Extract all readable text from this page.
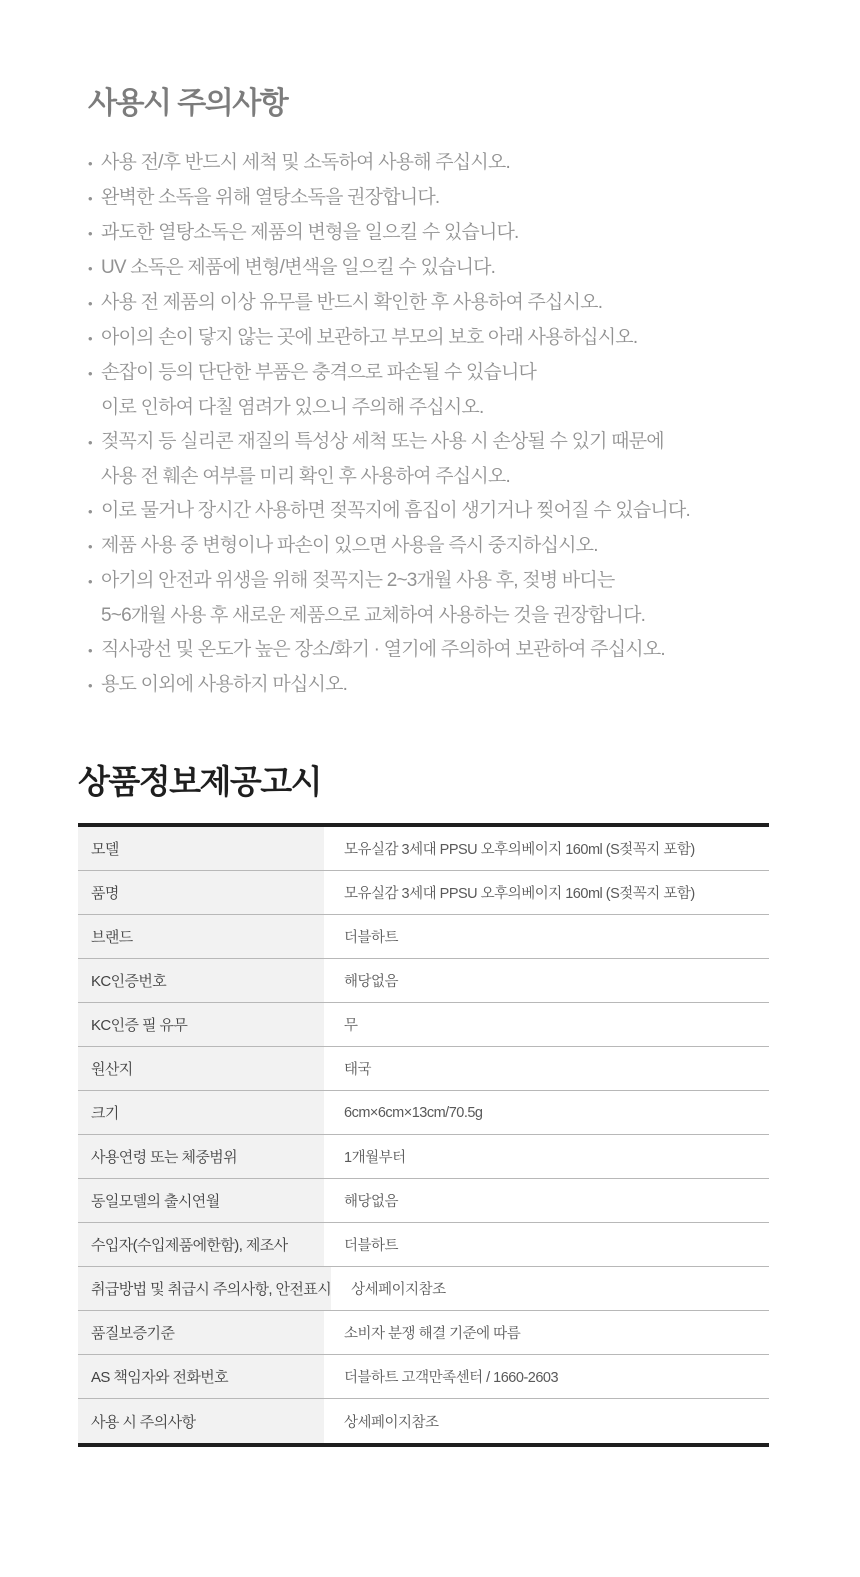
사용시 주의사항
• 사용 전/후 반드시 세척 및 소독하여 사용해 주십시오.
• 완벽한 소독을 위해 열탕소독을 권장합니다.
• 과도한 열탕소독은 제품의 변형을 일으킬 수 있습니다.
• UV 소독은 제품에 변형/변색을 일으킬 수 있습니다.
• 사용 전 제품의 이상 유무를 반드시 확인한 후 사용하여 주십시오.
• 아이의 손이 닿지 않는 곳에 보관하고 부모의 보호 아래 사용하십시오.
• 손잡이 등의 단단한 부품은 충격으로 파손될 수 있습니다
이로 인하여 다칠 염려가 있으니 주의해 주십시오.
• 젖꼭지 등 실리콘 재질의 특성상 세척 또는 사용 시 손상될 수 있기 때문에
사용 전 훼손 여부를 미리 확인 후 사용하여 주십시오.
• 이로 물거나 장시간 사용하면 젖꼭지에 흠집이 생기거나 찢어질 수 있습니다.
• 제품 사용 중 변형이나 파손이 있으면 사용을 즉시 중지하십시오.
• 아기의 안전과 위생을 위해 젖꼭지는 2~3개월 사용 후, 젖병 바디는
5~6개월 사용 후 새로운 제품으로 교체하여 사용하는 것을 권장합니다.
• 직사광선 및 온도가 높은 장소/화기 · 열기에 주의하여 보관하여 주십시오.
• 용도 이외에 사용하지 마십시오.
상품정보제공고시
모델	모유실감 3세대 PPSU 오후의베이지 160ml (S젖꼭지 포함)
품명	모유실감 3세대 PPSU 오후의베이지 160ml (S젖꼭지 포함)
브랜드	더블하트
KC인증번호	해당없음
KC인증 필 유무	무
원산지	태국
크기	6cm×6cm×13cm/70.5g
사용연령 또는 체중범위	1개월부터
동일모델의 출시연월	해당없음
수입자(수입제품에한함), 제조사	더블하트
취급방법 및 취급시 주의사항, 안전표시	상세페이지참조
품질보증기준	소비자 분쟁 해결 기준에 따름
AS 책임자와 전화번호	더블하트 고객만족센터 / 1660-2603
사용 시 주의사항	상세페이지참조
